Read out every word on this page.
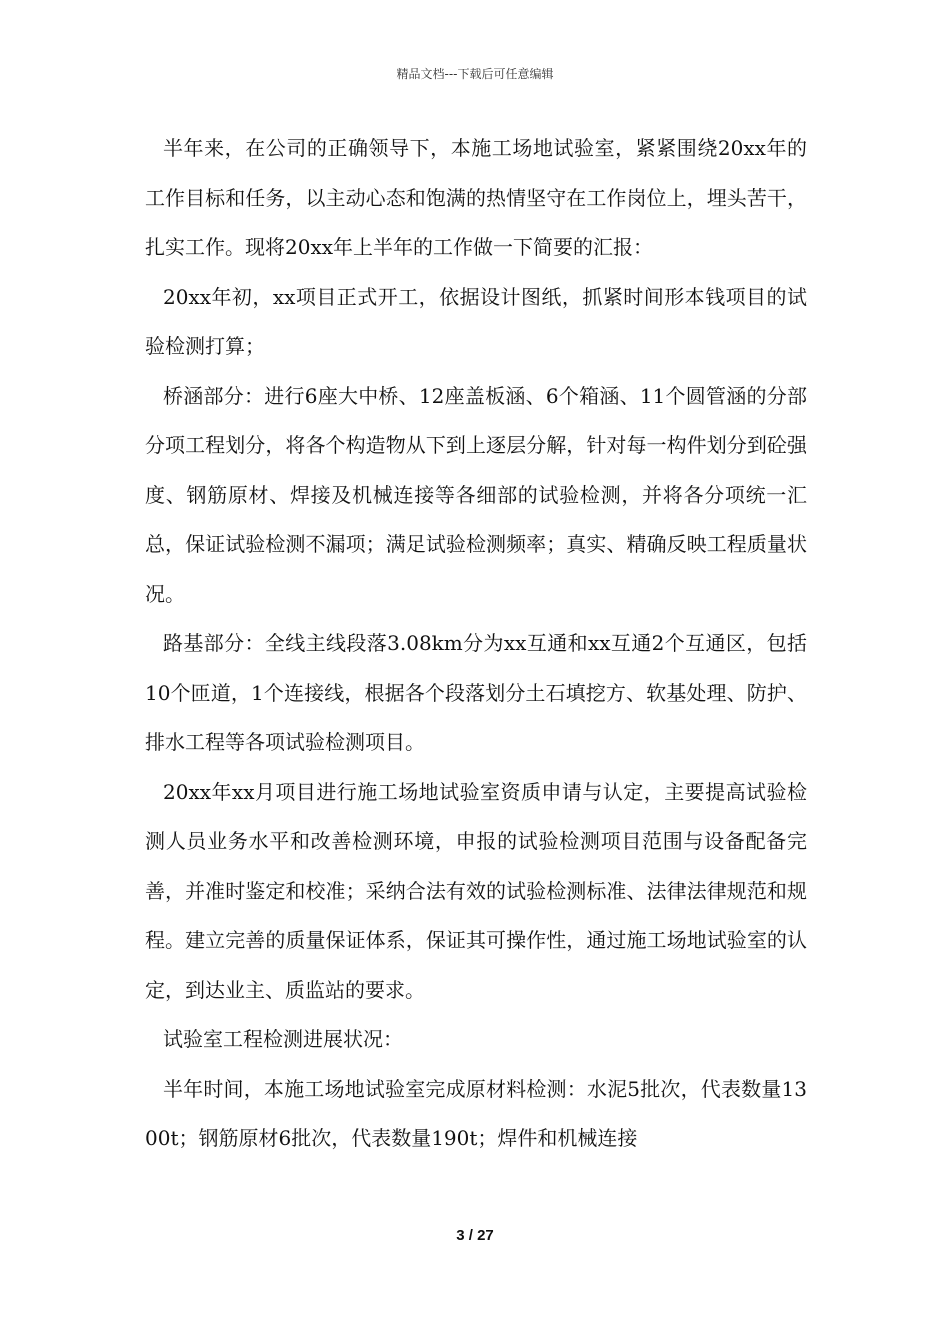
精品文档---下载后可任意编辑

半年来，在公司的正确领导下，本施工场地试验室，紧紧围绕20xx年的工作目标和任务，以主动心态和饱满的热情坚守在工作岗位上，埋头苦干，扎实工作。现将20xx年上半年的工作做一下简要的汇报：

20xx年初，xx项目正式开工，依据设计图纸，抓紧时间形本钱项目的试验检测打算；

桥涵部分：进行6座大中桥、12座盖板涵、6个箱涵、11个圆管涵的分部分项工程划分，将各个构造物从下到上逐层分解，针对每一构件划分到砼强度、钢筋原材、焊接及机械连接等各细部的试验检测，并将各分项统一汇总，保证试验检测不漏项；满足试验检测频率；真实、精确反映工程质量状况。

路基部分：全线主线段落3.08km分为xx互通和xx互通2个互通区，包括10个匝道，1个连接线，根据各个段落划分土石填挖方、软基处理、防护、排水工程等各项试验检测项目。

20xx年xx月项目进行施工场地试验室资质申请与认定，主要提高试验检测人员业务水平和改善检测环境，申报的试验检测项目范围与设备配备完善，并准时鉴定和校准；采纳合法有效的试验检测标准、法律法律规范和规程。建立完善的质量保证体系，保证其可操作性，通过施工场地试验室的认定，到达业主、质监站的要求。

试验室工程检测进展状况：

半年时间，本施工场地试验室完成原材料检测：水泥5批次，代表数量1300t；钢筋原材6批次，代表数量190t；焊件和机械连接

3 / 27
